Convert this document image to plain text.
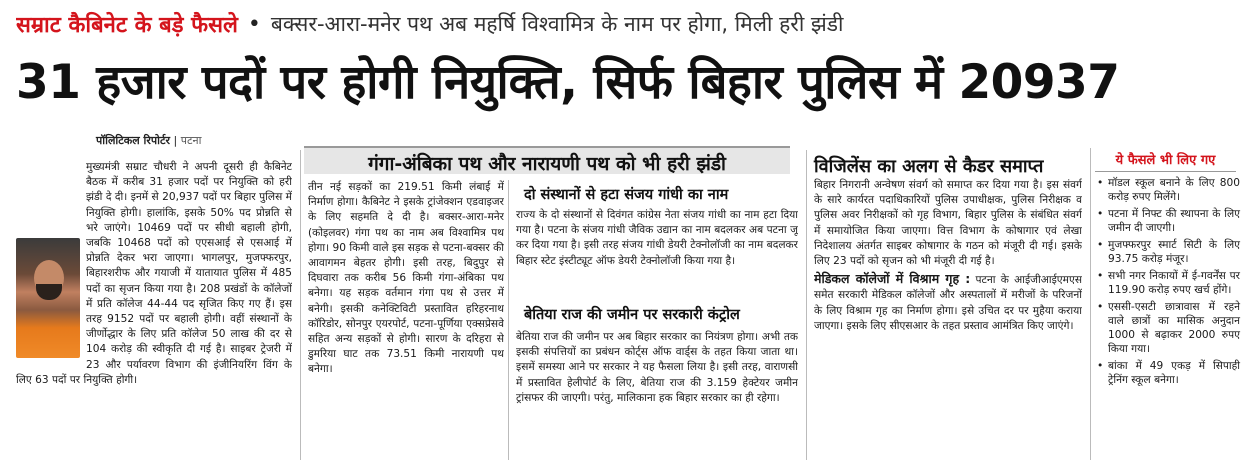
सम्राट कैबिनेट के बड़े फैसले • बक्सर-आरा-मनेर पथ अब महर्षि विश्वामित्र के नाम पर होगा, मिली हरी झंडी
31 हजार पदों पर होगी नियुक्ति, सिर्फ बिहार पुलिस में 20937
पॉलिटिकल रिपोर्टर | पटना

मुख्यमंत्री सम्राट चौधरी ने अपनी दूसरी ही कैबिनेट बैठक में करीब 31 हजार पदों पर नियुक्ति को हरी झंडी दे दी। इनमें से 20,937 पदों पर बिहार पुलिस में नियुक्ति होगी। हालांकि, इसके 50% पद प्रोन्नति से भरे जाएंगे। 10469 पदों पर सीधी बहाली होगी, जबकि 10468 पदों को एएसआई से एसआई में प्रोन्नति देकर भरा जाएगा। भागलपुर, मुजफ्फरपुर, बिहारशरीफ और गयाजी में यातायात पुलिस में 485 पदों का सृजन किया गया है। 208 प्रखंडों के कॉलेजों में प्रति कॉलेज 44-44 पद सृजित किए गए हैं। इस तरह 9152 पदों पर बहाली होगी। वहीं संस्थानों के जीर्णोद्धार के लिए प्रति कॉलेज 50 लाख की दर से 104 करोड़ की स्वीकृति दी गई है। साइबर ट्रेजरी में 23 और पर्यावरण विभाग की इंजीनियरिंग विंग के लिए 63 पदों पर नियुक्ति होगी।

गंगा-अंबिका पथ और नारायणी पथ को भी हरी झंडी

तीन नई सड़कों का 219.51 किमी लंबाई में निर्माण होगा। कैबिनेट ने इसके ट्रांजेक्शन एडवाइजर के लिए सहमति दे दी है। बक्सर-आरा-मनेर (कोइलवर) गंगा पथ का नाम अब विश्वामित्र पथ होगा। 90 किमी वाले इस सड़क से पटना-बक्सर की आवागमन बेहतर होगी। इसी तरह, बिदुपुर से दिघवारा तक करीब 56 किमी गंगा-अंबिका पथ बनेगा। यह सड़क वर्तमान गंगा पथ से उत्तर में बनेगी। इसकी कनेक्टिविटी प्रस्तावित हरिहरनाथ कॉरिडोर, सोनपुर एयरपोर्ट, पटना-पूर्णिया एक्सप्रेसवे सहित अन्य सड़कों से होगी। सारण के दरिहरा से डुमरिया घाट तक 73.51 किमी नारायणी पथ बनेगा।

दो संस्थानों से हटा संजय गांधी का नाम

राज्य के दो संस्थानों से दिवंगत कांग्रेस नेता संजय गांधी का नाम हटा दिया गया है। पटना के संजय गांधी जैविक उद्यान का नाम बदलकर अब पटना जू कर दिया गया है। इसी तरह संजय गांधी डेयरी टेक्नोलॉजी का नाम बदलकर बिहार स्टेट इंस्टीट्यूट ऑफ डेयरी टेक्नोलॉजी किया गया है।

बेतिया राज की जमीन पर सरकारी कंट्रोल

बेतिया राज की जमीन पर अब बिहार सरकार का नियंत्रण होगा। अभी तक इसकी संपत्तियों का प्रबंधन कोर्ट्स ऑफ वार्ड्स के तहत किया जाता था। इसमें समस्या आने पर सरकार ने यह फैसला लिया है। इसी तरह, वाराणसी में प्रस्तावित हेलीपोर्ट के लिए, बेतिया राज की 3.159 हेक्टेयर जमीन ट्रांसफर की जाएगी। परंतु, मालिकाना हक बिहार सरकार का ही रहेगा।

विजिलेंस का अलग से कैडर समाप्त

बिहार निगरानी अन्वेषण संवर्ग को समाप्त कर दिया गया है। इस संवर्ग के सारे कार्यरत पदाधिकारियों पुलिस उपाधीक्षक, पुलिस निरीक्षक व पुलिस अवर निरीक्षकों को गृह विभाग, बिहार पुलिस के संबंधित संवर्ग में समायोजित किया जाएगा। वित्त विभाग के कोषागार एवं लेखा निदेशालय अंतर्गत साइबर कोषागार के गठन को मंजूरी दी गई। इसके लिए 23 पदों को सृजन को भी मंजूरी दी गई है।

मेडिकल कॉलेजों में विश्राम गृह : पटना के आईजीआईएमएस समेत सरकारी मेडिकल कॉलेजों और अस्पतालों में मरीजों के परिजनों के लिए विश्राम गृह का निर्माण होगा। इसे उचित दर पर मुहैया कराया जाएगा। इसके लिए सीएसआर के तहत प्रस्ताव आमंत्रित किए जाएंगे।

ये फैसले भी लिए गए
• मॉडल स्कूल बनाने के लिए 800 करोड़ रुपए मिलेंगे।
• पटना में निफ्ट की स्थापना के लिए जमीन दी जाएगी।
• मुजफ्फरपुर स्मार्ट सिटी के लिए 93.75 करोड़ मंजूर।
• सभी नगर निकायों में ई-गवर्नेंस पर 119.90 करोड़ रुपए खर्च होंगे।
• एससी-एसटी छात्रावास में रहने वाले छात्रों का मासिक अनुदान 1000 से बढ़ाकर 2000 रुपए किया गया।
• बांका में 49 एकड़ में सिपाही ट्रेनिंग स्कूल बनेगा।
